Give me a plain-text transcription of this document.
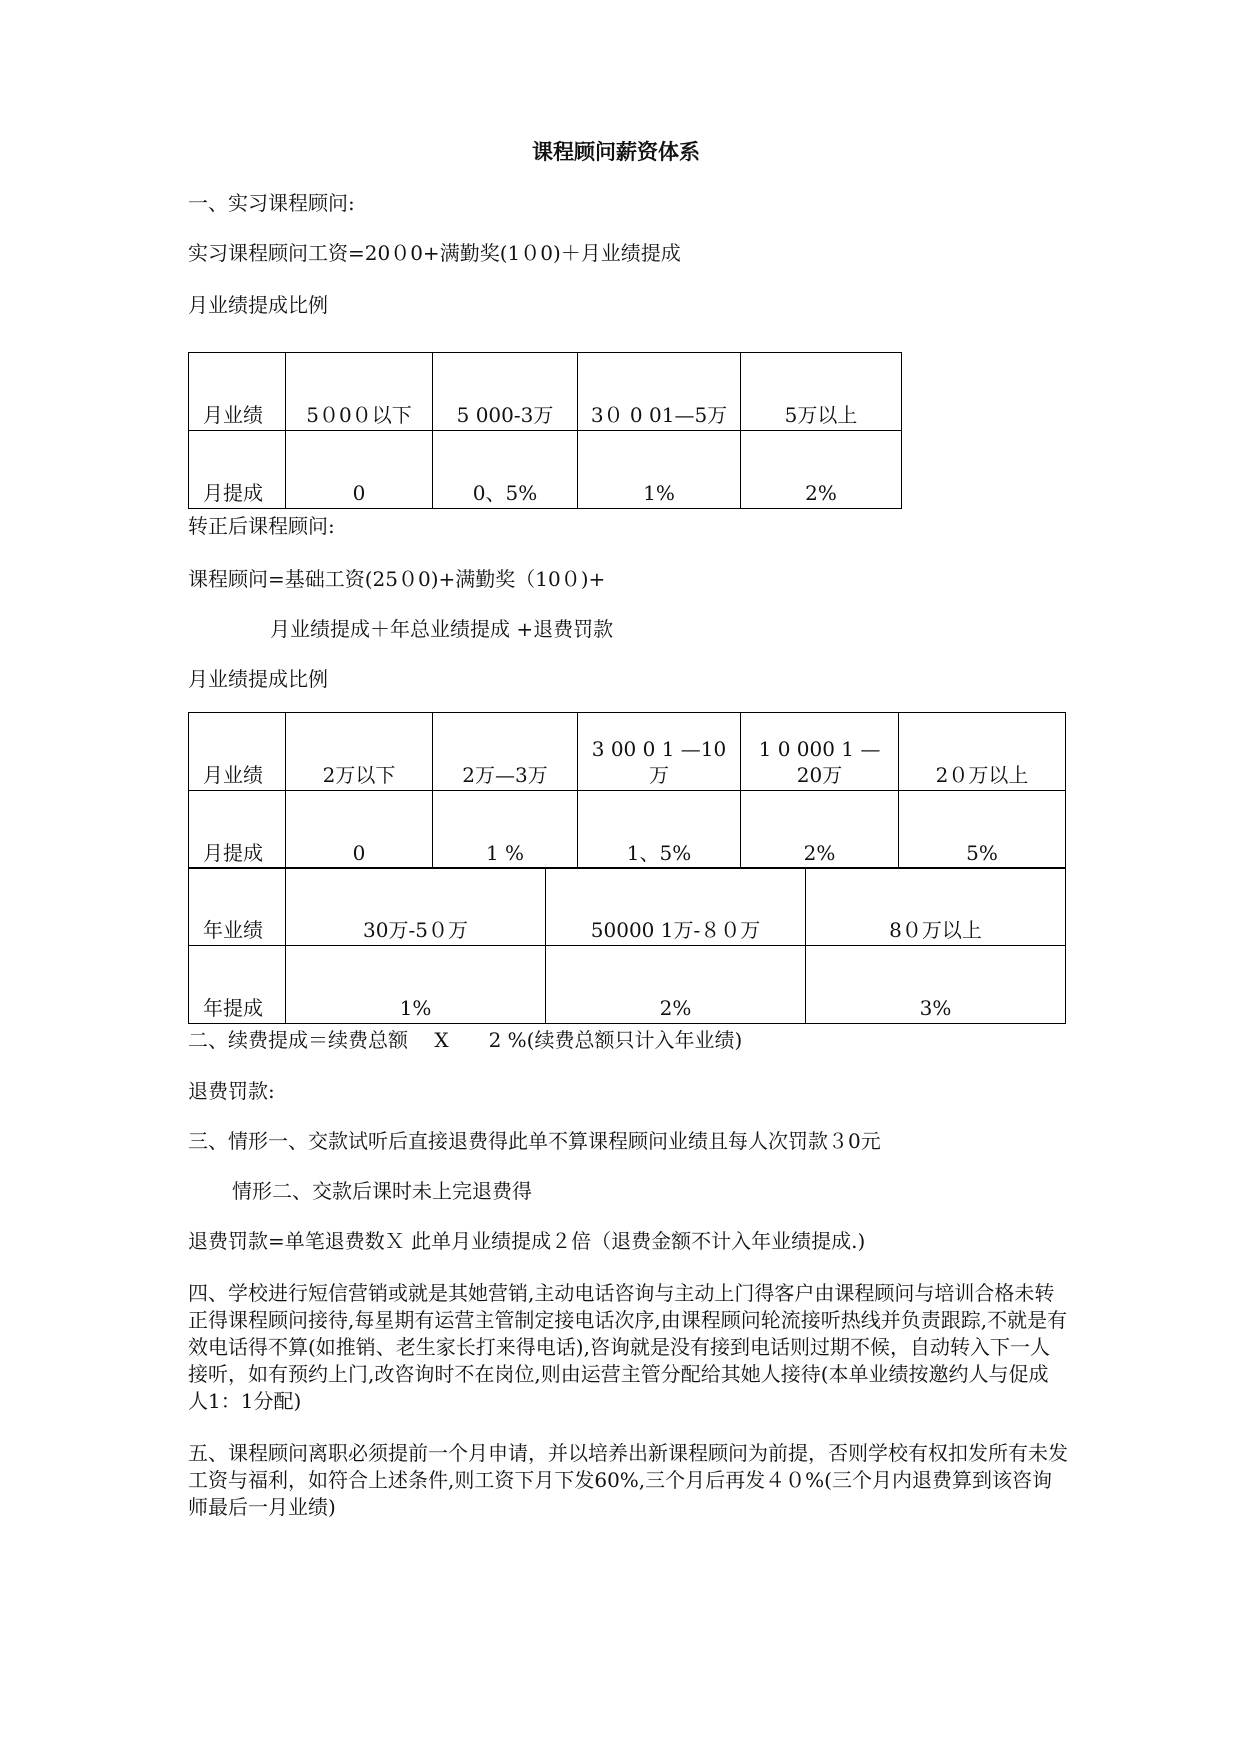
课程顾问薪资体系
一、实习课程顾问:
实习课程顾问工资=20０0+满勤奖(1０0)＋月业绩提成
月业绩提成比例
月业绩	5０0０以下	5 000-3万	3０ 0 01—5万	5万以上

月提成	0	0、5%	1%	2%
转正后课程顾问:
课程顾问=基础工资(25０0)+满勤奖（10０)+
月业绩提成＋年总业绩提成 +退费罚款
月业绩提成比例
月业绩	2万以下	2万—3万	3 00 0 1 —10万	1 0 000 1 — 20万	2０万以上

月提成	0	1 %	1、5%	2%	5%
年业绩	30万-5０万	50000 1万-８０万	8０万以上

年提成	1%	2%	3%
二、续费提成＝续费总额　 X　　2 %(续费总额只计入年业绩)
退费罚款:
三、情形一、交款试听后直接退费得此单不算课程顾问业绩且每人次罚款３0元
情形二、交款后课时未上完退费得
退费罚款=单笔退费数Ｘ 此单月业绩提成２倍（退费金额不计入年业绩提成.)
四、学校进行短信营销或就是其她营销,主动电话咨询与主动上门得客户由课程顾问与培训合格未转正得课程顾问接待,每星期有运营主管制定接电话次序,由课程顾问轮流接听热线并负责跟踪,不就是有效电话得不算(如推销、老生家长打来得电话),咨询就是没有接到电话则过期不候，自动转入下一人接听，如有预约上门,改咨询时不在岗位,则由运营主管分配给其她人接待(本单业绩按邀约人与促成人1：1分配)
五、课程顾问离职必须提前一个月申请，并以培养出新课程顾问为前提，否则学校有权扣发所有未发工资与福利，如符合上述条件,则工资下月下发60%,三个月后再发４０%(三个月内退费算到该咨询师最后一月业绩)
